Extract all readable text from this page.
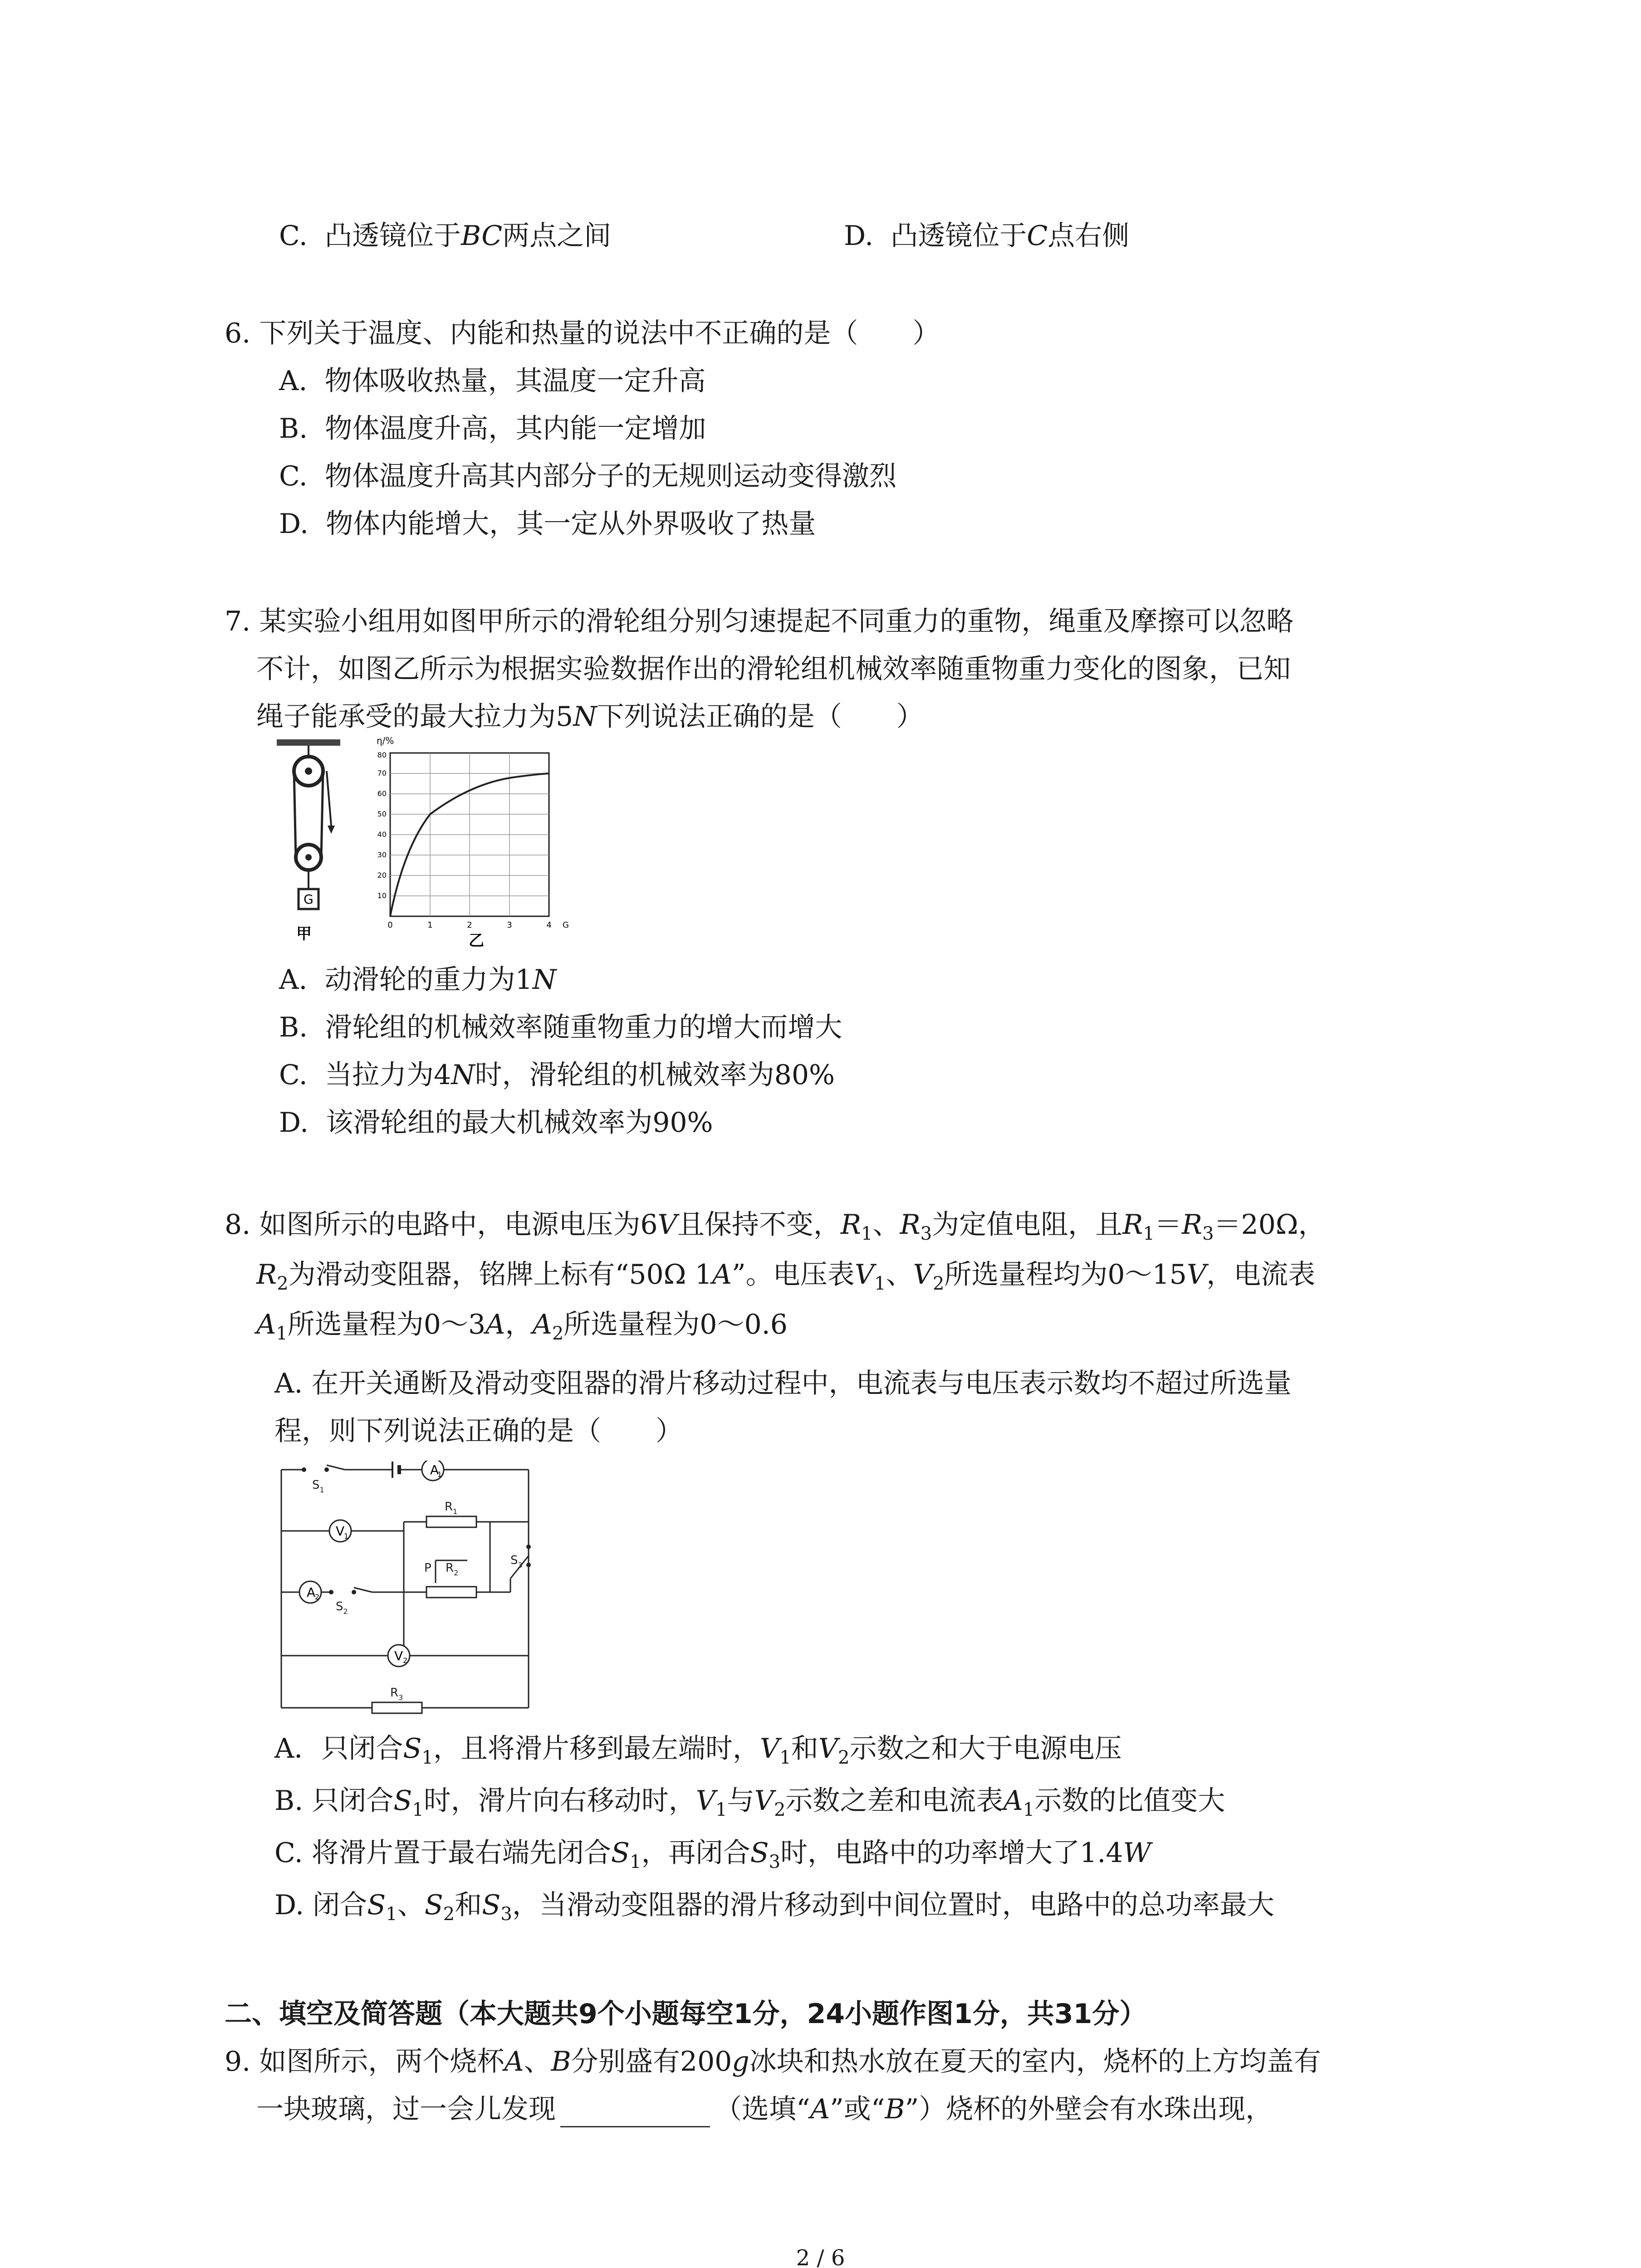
C. 凸透镜位于BC两点之间	D. 凸透镜位于C点右侧
6. 下列关于温度、内能和热量的说法中不正确的是（　　）
A. 物体吸收热量，其温度一定升高
B. 物体温度升高，其内能一定增加
C. 物体温度升高其内部分子的无规则运动变得激烈
D. 物体内能增大，其一定从外界吸收了热量
7. 某实验小组用如图甲所示的滑轮组分别匀速提起不同重力的重物，绳重及摩擦可以忽略
不计，如图乙所示为根据实验数据作出的滑轮组机械效率随重物重力变化的图象，已知
绳子能承受的最大拉力为5N下列说法正确的是（　　）
G
甲
η/%
10
20
30
40
50
60
70
80
0	1	2	3	4 G
乙
A. 动滑轮的重力为1N
B. 滑轮组的机械效率随重物重力的增大而增大
C. 当拉力为4N时，滑轮组的机械效率为80%
D. 该滑轮组的最大机械效率为90%
8. 如图所示的电路中，电源电压为6V且保持不变，$R_1$、$R_3$为定值电阻，且$R_1=R_3=20\Omega$，
$R_2$为滑动变阻器，铭牌上标有“50Ω 1A”。电压表$V_1$、$V_2$所选量程均为0～15V，电流表
$A_1$所选量程为0～3A，$A_2$所选量程为0～0.6
A. 在开关通断及滑动变阻器的滑片移动过程中，电流表与电压表示数均不超过所选量
程，则下列说法正确的是（　　）
A
1
V
1
A
2
V 2
$S_1$
$R_1$
P $R_2$
$S_3$
$S_2$
$R_3$
A．只闭合$S_1$，且将滑片移到最左端时，$V_1$和$V_2$示数之和大于电源电压
B. 只闭合$S_1$时，滑片向右移动时，$V_1$与$V_2$示数之差和电流表$A_1$示数的比值变大
C. 将滑片置于最右端先闭合$S_1$，再闭合$S_3$时，电路中的功率增大了1.4W
D. 闭合$S_1$、$S_2$和$S_3$，当滑动变阻器的滑片移动到中间位置时，电路中的总功率最大
二、填空及简答题（本大题共9个小题每空1分，24小题作图1分，共31分）
9. 如图所示，两个烧杯A、B分别盛有200g冰块和热水放在夏天的室内，烧杯的上方均盖有
一块玻璃，过一会儿发现	（选填“A”或“B”）烧杯的外壁会有水珠出现，
2 / 6
